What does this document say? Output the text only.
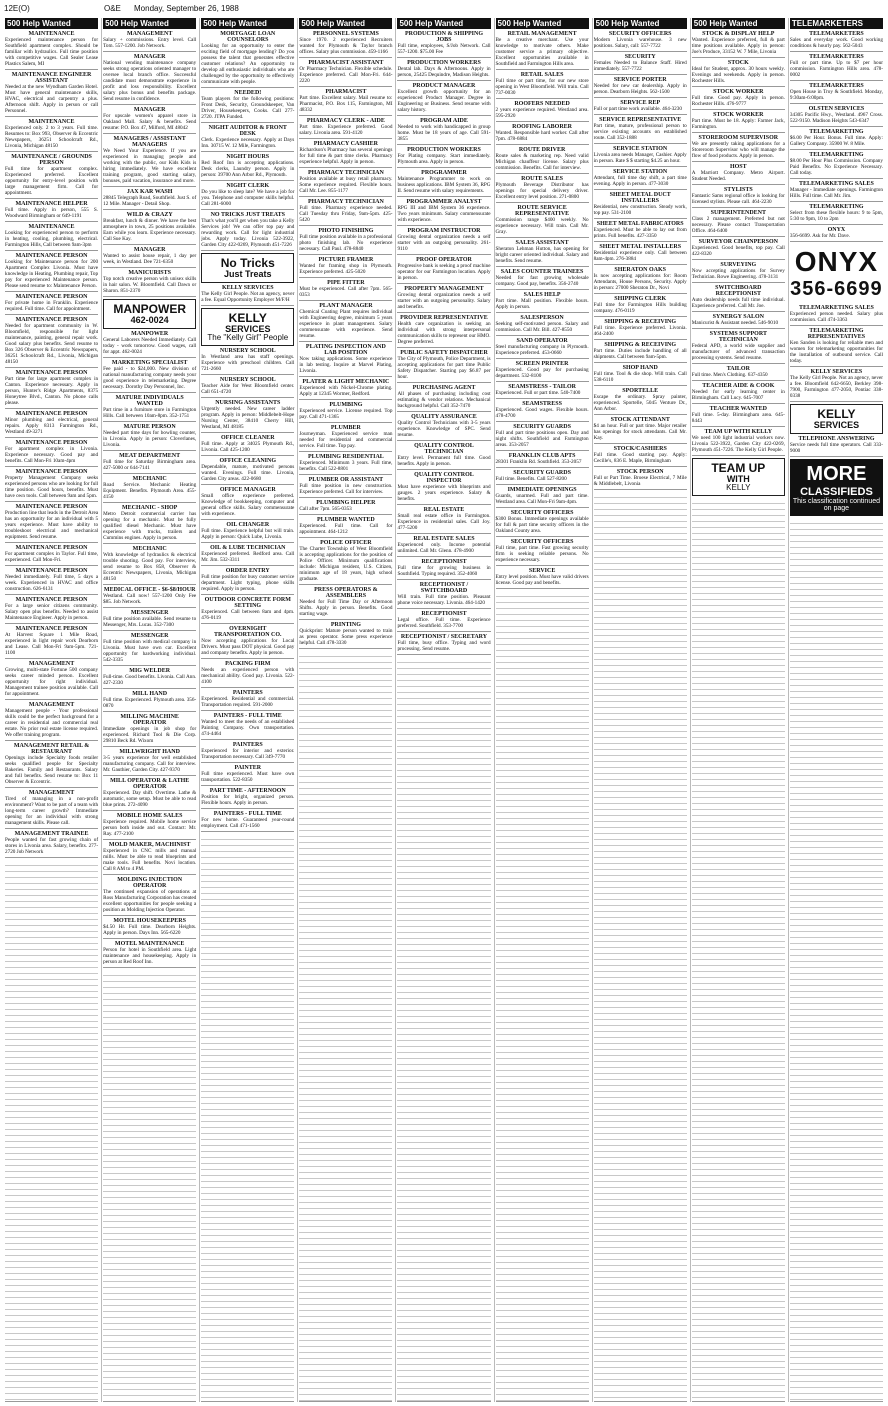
12E(O)	O&E Monday, September 26, 1988
500 Help Wanted
MAINTENANCE
Experienced maintenance person for Southfield apartment complex. Should be familiar with hydraulics. Full time position with competitive wages. Call Sealer Lease Plastics Salem, MI
MAINTENANCE ENGINEER ASSISTANT
Needed at the new Wyndham Garden Hotel. Must have general maintenance skills, HVAC, electrical and carpentry a plus. Afternoon shift. Apply in person or call Personnel.
MAINTENANCE
Experienced only. 2 to 3 years. Full time. Resumes to: Box 993, Observer & Eccentric Newspapers, 36251 Schoolcraft Rd., Livonia, Michigan 48150
MAINTENANCE / GROUNDS PERSON
Full time for apartment complex. Experienced preferred. Excellent opportunity for entry-level position with large management firm. Call for appointment.
MAINTENANCE HELPER
Full time. Apply in person, 555 S. Woodward Birmingham or 649-1191
MAINTENANCE
Looking for experienced person to perform in heating, cooling, plumbing, electrical. Farmington Hills, Call between 9am-3pm
MAINTENANCE PERSON
Looking for Maintenance person for 200 Apartment Complex Livonia. Must have knowledge in Heating, Plumbing repair, Top pay for experienced Maintenance person. Please send resume to: Maintenance Person.
MAINTENANCE PERSON
For private home in Franklin. Experience required. Full time. Call for appointment.
MAINTENANCE PERSON
Needed for apartment community in W. Bloomfield, responsible for light maintenance, painting, general repair work. Good salary plus benefits. Send resume to Box 326 Observer & Eccentric Newspapers, 36251 Schoolcraft Rd., Livonia, Michigan 48150
MAINTENANCE PERSON
Part time for large apartment complex in Canton. Experience necessary. Apply in person, Hunter's Ridge Apartments, 8375 Honeytree Blvd., Canton. No phone calls please.
MAINTENANCE PERSON
Minor plumbing and electrical, general repairs. Apply 8313 Farmington Rd., Westland 49-3271
MAINTENANCE PERSON
For apartment complex in Livonia. Experience necessary. Good pay and benefits. Call Mon-Fri 10am-4pm
MAINTENANCE PERSON
Property Management Company seeks experienced persons who are looking for full time position. Good hours, benefits. Must have own tools. Call between 9am and 5pm.
MAINTENANCE PERSON
Production line that leads in the Detroit Area has an opportunity for an individual with 5 years experience. Must have ability to troubleshoot electrical and mechanical equipment. Send resume.
MAINTENANCE PERSON
For apartment complex in Taylor. Full time, experienced. Call Mon-Fri.
MAINTENANCE PERSON
Needed immediately. Full time, 5 days a week. Experienced in HVAC and office construction. 626-6131
MAINTENANCE PERSON
For a large senior citizens community. Salary open plus benefits. Needed to assist Maintenance Engineer. Apply in person.
MAINTENANCE PERSON
At Harvest Square 1 Mile Road, experienced in light repair work Dearborn and Lease. Call Mon-Fri 9am-5pm. 721-1100
MANAGEMENT
Growing, multi-state Fortune 500 company seeks career minded person. Excellent opportunity for right individual. Management trainee position available. Call for appointment.
MANAGEMENT
Management people - Your professional skills could be the perfect background for a career in residential and commercial real estate. No prior real estate license required. We offer training program.
MANAGEMENT RETAIL & RESTAURANT
Openings include Specialty foods retailer seeks qualified people for Specialty Bakeries. Family and Restaurants. Salary and full benefits. Send resume to: Box 11 Observer & Eccentric.
MANAGEMENT
Tired of managing in a non-profit environment? Want to be part of a team with long-term career growth? Immediate opening for an individual with strong management skills. Please call.
MANAGEMENT TRAINEE
People wanted for fast growing chain of stores in Livonia area. Salary, benefits. 277-2720 Job Network
500 Help Wanted
MANAGEMENT
Salary + commissions. Entry level. Call Tom. 557-1200. Job Network.
MANAGER
National vending maintenance company seeks strong operations oriented manager to oversee local branch office. Successful candidate must demonstrate experience in profit and loss responsibility. Excellent salary plus bonus and benefits package. Send resume in confidence.
MANAGER
For upscale women's apparel store in Oakland Mall. Salary & benefits. Send resume: P.O. Box 47, Milford, MI 48042
MANAGERS / ASSISTANT MANAGERS
We Need Your Experience. If you are experienced in managing people and working with the public, our Kids Kids is hiring immediately. We have excellent training program, good starting salary, bonuses, paid vacation, insurance and more.
JAX KAR WASH
28845 Telegraph Road, Southfield. Just S. of 12 Mile. Manager - Detail Shop.
WILD & CRAZY
Breakfast, lunch & dinner. We have the best atmosphere in town, 25 positions available. Earn while you learn. Experience necessary. Call Sue Kay.
MANAGER
Wanted to assist house repair, 1 day per week, in Westland. Dee 721-6350
MANICURISTS
Top notch creative person with unisex skills in hair salon. W. Bloomfield. Call Dawn or Sharon. 851-2370
MANPOWER
462-0024
MANPOWER
General Laborers Needed Immediately. Call today - work tomorrow. Good wages, call for appt. 462-0024
MARKETING SPECIALIST
Fee paid - to $24,000. New division of national manufacturing company needs your good experience in telemarketing. Degree necessary. Dorothy Day Personnel, Inc.
MATURE INDIVIDUALS WANTED
Part time in a furniture store in Farmington Hills. Call between 10am-8pm. 352-1751
MATURE PERSON
Needed part time days for bowling counter, in Livonia. Apply in person: Cloverlanes, Livonia.
MEAT DEPARTMENT
Full time for Saturday Birmingham area. 427-5000 or 644-7141
MECHANIC
Road Service. Mechanic Heating Equipment. Benefits. Plymouth Area. 455-4150
MECHANIC - SHOP
Metro Detroit commercial carrier has opening for a mechanic. Must be fully qualified diesel Mechanic. Must have experience with trucks, trailers and Cummins engines. Apply in person.
MECHANIC
With knowledge of hydraulics & electrical trouble shooting. Good pay. For interview, send resume to Box 858, Observer & Eccentric Newspapers, Livonia, Michigan 48150
MEDICAL OFFICE - $6-$8/HOUR
Westland. Call now! 557-1200 Only Fee $85. Job Network.
MESSENGER
Full time position available. Send resume to Messenger, Mrs. Lucas. 352-7300
MESSENGER
Full time position with medical company in Livonia. Must have own car. Excellent opportunity for hardworking individual. 542-3335
MIG WELDER
Full-time. Good benefits. Livonia. Call Ann. 427-2330
MILL HAND
Full time. Experienced. Plymouth area. 356-0870
MILLING MACHINE OPERATOR
Immediate openings in job shop for experienced. Richard Tool & Die Corp. 29810 Beck Rd. Wixom
MILLWRIGHT HAND
3-5 years experience for well established manufacturing company. Call for interview. Mr. Gauthier, Garden City. 427-9370
MILL OPERATOR & LATHE OPERATOR
Experienced. Day shift. Overtime. Lathe & automatic, some setup. Must be able to read blue prints. 272-4090
MOBILE HOME SALES
Experience required. Mobile home service person both inside and out. Contact: Mr. Ray. 477-2100
MOLD MAKER, MACHINIST
Experienced in CNC mills and manual mills. Must be able to read blueprints and make tools. Full benefits. Novi location. Call 8 AM to 4 PM.
MOLDING INJECTION OPERATOR
The continued expansion of operations at Ross Manufacturing Corporation has created excellent opportunities for people seeking a position as Molding Injection Operator.
MOTEL HOUSEKEEPERS
$4.50 Hr. Full time. Dearborn Heights. Apply in person. Days Inn. 565-6220
MOTEL MAINTENANCE
Person for hotel in Southfield area. Light maintenance and housekeeping. Apply in person at Red Roof Inn.
500 Help Wanted
MORTGAGE LOAN COUNSELORS
Looking for an opportunity to enter the exciting field of mortgage lending? Do you possess the talent that generates effective customer relations? An opportunity to develop all enthusiastic individuals who are challenged by the opportunity to effectively communicate with people.
NEEDED!
Team players for the following positions: Front Desk, Security, Groundskeeper, Van Driver, Housekeepers, Cooks. Call 277-2720. JTPA Funded.
NIGHT AUDITOR & FRONT DESK
Clerk. Experience necessary. Apply at Days Inn. 30715 W. 12 Mile, Farmington.
NIGHT HOURS
Red Roof Inn is accepting applications. Desk clerks, Laundry person. Apply in person: 39700 Ann Arbor Rd., Plymouth.
NIGHT CLERK
Do you like to sleep late? We have a job for you. Telephone and computer skills helpful. Call 281-6000
NO TRICKS JUST TREATS
That's what you'll get when you take a Kelly Services job! We can offer top pay and rewarding work. Call for light industrial jobs. Apply today. Livonia 522-3922, Garden City 422-0269, Plymouth 451-7226
No Tricks
Just Treats
KELLY SERVICES
The Kelly Girl People. Not an agency, never a fee. Equal Opportunity Employer M/F/H
KELLY
SERVICES
The "Kelly Girl" People
NURSERY SCHOOL
In Westland area has staff openings. Experience with preschool children. Call 721-2660
NURSERY SCHOOL
Teacher Aide for West Bloomfield center. Call 651-4720
NURSING ASSISTANTS
Urgently needed. New career ladder program. Apply in person: Middlebelt-Hope Nursing Center, 38410 Cherry Hill, Westland, MI 48185
OFFICE CLEANER
Full time. Apply at 34025 Plymouth Rd., Livonia. Call 425-1200
OFFICE CLEANING
Dependable, mature, motivated persons wanted. Evenings. Full time. Livonia, Garden City areas. 422-0680
OFFICE MANAGER
Small office experience preferred. Knowledge of bookkeeping, computer and general office skills. Salary commensurate with experience.
OIL CHANGER
Full time. Experience helpful but will train. Apply in person: Quick Lube, Livonia.
OIL & LUBE TECHNICIAN
Experienced preferred. Redford area. Call Mr. Jim. 532-3311
ORDER ENTRY
Full time position for busy customer service department. Light typing, phone skills required. Apply in person.
OUTDOOR CONCRETE FORM SETTING
Experienced. Call between 8am and 4pm. 476-0119
OVERNIGHT TRANSPORTATION CO.
Now accepting applications for Local Drivers. Must pass DOT physical. Good pay and company benefits. Apply in person.
PACKING FIRM
Needs an experienced person with mechanical ability. Good pay. Livonia. 522-4100
PAINTERS
Experienced. Residential and commercial. Transportation required. 591-2000
PAINTERS - FULL TIME
Wanted to meet the needs of an established Painting Company. Own transportation. 474-4464
PAINTERS
Experienced for interior and exterior. Transportation necessary. Call 349-7770
PAINTER
Full time experienced. Must have own transportation. 522-8350
PART TIME - AFTERNOON
Position for bright, organized person. Flexible hours. Apply in person.
PAINTERS - FULL TIME
For new home. Guaranteed year-round employment. Call 471-1560
500 Help Wanted
PERSONNEL SYSTEMS
Since 1970. 2 experienced Recruiters wanted for Plymouth & Taylor branch offices. Salary plus commission. 459-1166
PHARMACIST ASSISTANT
Or Pharmacy Technician. Flexible schedule. Experience preferred. Call Mon-Fri. 644-2220
PHARMACIST
Part time. Excellent salary. Mail resume to: Pharmacist, P.O. Box 115, Farmington, MI 48332
PHARMACY CLERK - AIDE
Part time. Experience preferred. Good salary. Livonia area. 591-4120
PHARMACY CASHIER
Richardson's Pharmacy has several openings for full time & part time clerks. Pharmacy experience helpful. Apply in person.
PHARMACY TECHNICIAN
Position available at busy retail pharmacy. Some experience required. Flexible hours. Call Mr. Lee. 855-1177
PHARMACY TECHNICIAN
Full time. Pharmacy experience needed. Call Tuesday thru Friday, 9am-5pm. 425-5420
PHOTO FINISHING
Full time position available in a professional photo finishing lab. No experience necessary. Call Paul. 478-8840
PICTURE FRAMER
Wanted for framing shop in Plymouth. Experience preferred. 425-5020
PIPE FITTER
Must be experienced. Call after 7pm. 565-0353
PLANT MANAGER
Chemical Coating Plant requires individual with Engineering degree, minimum 5 years experience in plant management. Salary commensurate with experience. Send resume.
PLATING INSPECTION AND LAB POSITION
Now taking applications. Some experience in lab testing. Inquire at Marvel Plating, Livonia.
PLATER & LIGHT MECHANIC
Experienced with Nickel-Chrome plating. Apply at 12345 Wormer, Redford.
PLUMBING
Experienced service. License required. Top pay. Call 471-1365
PLUMBER
Journeyman. Experienced service man needed for residential and commercial service. Full time. Top pay.
PLUMBING RESIDENTIAL
Experienced. Minimum 3 years. Full time, benefits. Call 522-8801
PLUMBER OR ASSISTANT
Full time position in new construction. Experience preferred. Call for interview.
PLUMBING HELPER
Call after 7pm. 565-0353
PLUMBER WANTED
Experienced. Full time. Call for appointment. 464-1212
POLICE OFFICER
The Charter Township of West Bloomfield is accepting applications for the position of Police Officer. Minimum qualifications include: Michigan resident, U.S. Citizen, minimum age of 18 years, high school graduate.
PRESS OPERATORS & ASSEMBLERS
Needed for Full Time Day or Afternoon Shifts. Apply in person. Benefits. Good starting wage.
PRINTING
Quickprint: Mature person wanted to train as press operator. Some press experience helpful. Call 478-3330
500 Help Wanted
PRODUCTION & SHIPPING JOBS
Full time, employees, S/Job Network. Call 557-1200. $75.00 Fee
PRODUCTION WORKERS
Dental lab. Days & Afternoons. Apply in person, 25425 Dequindre, Madison Heights.
PRODUCT MANAGER
Excellent growth opportunity for an experienced Product Manager. Degree in Engineering or Business. Send resume with salary history.
PROGRAM AIDE
Needed to work with handicapped in group home. Must be 18 years of age. Call 591-3855
PRODUCTION WORKERS
For Plating company. Start immediately. Plymouth area. Apply in person.
PROGRAMMER
Maintenance Programmer to work on business applications. IBM System 36, RPG II. Send resume with salary requirements.
PROGRAMMER ANALYST
RPG III and IBM System 36 experience. Two years minimum. Salary commensurate with experience.
PROGRAM INSTRUCTOR
Growing dental organization needs a self starter with an outgoing personality. 261-9110
PROOF OPERATOR
Progressive bank is seeking a proof machine operator for our Farmington location. Apply in person.
PROPERTY MANAGEMENT
Growing dental organization needs a self starter with an outgoing personality. Salary and benefits.
PROVIDER REPRESENTATIVE
Health care organization is seeking an individual with strong interpersonal communication skills to represent our HMO. Degree preferred.
PUBLIC SAFETY DISPATCHER
The City of Plymouth, Police Department, is accepting applications for part time Public Safety Dispatcher. Starting pay $6.87 per hour.
PURCHASING AGENT
All phases of purchasing including cost estimating & vendor relations. Mechanical background helpful. Call 352-7470
QUALITY ASSURANCE
Quality Control Technicians with 3-5 years experience. Knowledge of SPC. Send resume.
QUALITY CONTROL TECHNICIAN
Entry level. Permanent full time. Good benefits. Apply in person.
QUALITY CONTROL INSPECTOR
Must have experience with blueprints and gauges. 2 years experience. Salary & benefits.
REAL ESTATE
Small real estate office in Farmington. Experience in residential sales. Call Joy. 477-5200
REAL ESTATE SALES
Experienced only. Income potential unlimited. Call Mr. Glenn. 478-4900
RECEPTIONIST
Full time for growing business in Southfield. Typing required. 352-4060
RECEPTIONIST / SWITCHBOARD
Will train. Full time position. Pleasant phone voice necessary. Livonia. 464-1420
RECEPTIONIST
Legal office. Full time. Experience preferred. Southfield. 353-7700
RECEPTIONIST / SECRETARY
Full time, busy office. Typing and word processing. Send resume.
500 Help Wanted
RETAIL MANAGEMENT
Be a creative merchant. Use your knowledge to motivate others. Make customer service a primary objective. Excellent opportunities available in Southfield and Farmington Hills area.
RETAIL SALES
Full time or part time, for our new store opening in West Bloomfield. Will train. Call 737-0030
ROOFERS NEEDED
2 years experience required. Westland area. 595-2920
ROOFING LABORER
Wanted. Responsible hard worker. Call after 7pm. 478-6884
ROUTE DRIVER
Route sales & marketing rep. Need valid Michigan chauffeur license. Salary plus commission. Benefits. Call for interview.
ROUTE SALES
Plymouth Beverage Distributor has openings for special delivery driver. Excellent entry level position. 271-0800
ROUTE SERVICE REPRESENTATIVE
Commission range $400 weekly. No experience necessary. Will train. Call Mr. Gray.
SALES ASSISTANT
Sheraton Lehman Hutton, has opening for bright career oriented individual. Salary and benefits. Send resume.
SALES COUNTER TRAINEES
Needed for fast growing wholesale company. Good pay, benefits. 356-2740
SALES HELP
Part time. Mall position. Flexible hours. Apply in person.
SALESPERSON
Seeking self-motivated person. Salary and commission. Call Mr. Bill. 427-8550
SAND OPERATOR
Steel manufacturing company in Plymouth. Experience preferred. 453-0660
SCREEN PRINTER
Experienced. Good pay for purchasing department. 532-8100
SEAMSTRESS - TAILOR
Experienced. Full or part time. 540-7400
SEAMSTRESS
Experienced. Good wages. Flexible hours. 478-4700
SECURITY GUARDS
Full and part time positions open. Day and night shifts. Southfield and Farmington areas. 353-2057
FRANKLIN CLUB APTS
28301 Franklin Rd. Southfield. 353-2057
SECURITY GUARDS
Full time. Benefits. Call 527-8200
IMMEDIATE OPENINGS
Guards, unarmed. Full and part time. Westland area. Call Mon-Fri 9am-4pm.
SECURITY OFFICERS
$300 Bonus. Immediate openings available for full & part time security officers in the Oakland County area.
SECURITY OFFICERS
Full time, part time. Fast growing security firm is seeking reliable persons. No experience necessary.
SERVICE
Entry level position. Must have valid drivers license. Good pay and benefits.
500 Help Wanted
SECURITY OFFICERS
Modern Livonia warehouse. 3 new positions. Salary, call: 557-7722
SECURITY
Females Needed to Balance Staff. Hired immediately. 557-7722
SERVICE PORTER
Needed for new car dealership. Apply in person. Dearborn Heights. 562-1500
SERVICE REP
Full or part time work available. 464-3230
SERVICE REPRESENTATIVE
Part time, mature, professional person to service existing accounts on established route. Call 352-1888
SERVICE STATION
Livonia area needs Manager, Cashier. Apply in person. Rate $ $ starting $4.25 an hour.
SERVICE STATION
Attendant, full time day shift, a part time evening. Apply in person. 477-3030
SHEET METAL DUCT INSTALLERS
Residential, new construction. Steady work, top pay. 531-2100
SHEET METAL FABRICATORS
Experienced. Must be able to lay out from prints. Full benefits. 427-3350
SHEET METAL INSTALLERS
Residential experience only. Call between 8am-4pm. 276-3884
SHERATON OAKS
Is now accepting applications for: Room Attendants, House Persons, Security. Apply in person: 27000 Sheraton Dr., Novi
SHIPPING CLERK
Full time for Farmington Hills building company. 476-0119
SHIPPING & RECEIVING
Full time. Experience preferred. Livonia. 464-2400
SHIPPING & RECEIVING
Part time. Duties include handling of all shipments. Call between 9am-5pm.
SHOP HAND
Full time. Tool & die shop. Will train. Call 538-6110
SPORTELLE
Escape the ordinary. Spray painter, experienced. Sportelle, 5045 Venture Dr., Ann Arbor.
STOCK ATTENDANT
$4 an hour. Full or part time. Major retailer has openings for stock attendants. Call Mr. Kay.
STOCK/CASHIERS
Full time. Good starting pay. Apply: Cecille's, 836 E. Maple, Birmingham
STOCK PERSON
Full or Part Time. Broese Electrical, 7 Mile & Middlebelt, Livonia
500 Help Wanted
STOCK & DISPLAY HELP
Wanted. Experience preferred, full & part time positions available. Apply in person: Joe's Produce, 33152 W. 7 Mile, Livonia
STOCK
Ideal for Student, approx. 30 hours weekly. Evenings and weekends. Apply in person. Rochester Hills.
STOCK WORKER
Full time. Good pay. Apply in person. Rochester Hills. 476-9777
STOCK WORKER
Part time. Must be 18. Apply: Farmer Jack, Farmington.
STOREROOM SUPERVISOR
We are presently taking applications for a Storeroom Supervisor who will manage the flow of food products. Apply in person.
HOST
A Marriott Company. Metro Airport. Student Needed.
STYLISTS
Fantastic Sams regional office is looking for licensed stylists. Please call. 464-2230
SUPERINTENDENT
Class 2 management. Preferred but not necessary. Please contact Transportation Office. 464-6400
SURVEYOR CHAINPERSON
Experienced. Good benefits, top pay. Call 422-8320
SURVEYING
Now accepting applications for Survey Technician. Rowe Engineering. 478-3131
SWITCHBOARD RECEPTIONIST
Auto dealership needs full time individual. Experience preferred. Call Mr. Joe.
SYNERGY SALON
Manicurist & Assistant needed. 546-9010
SYSTEMS SUPPORT TECHNICIAN
Federal APD, a world wide supplier and manufacturer of advanced transaction processing systems. Send resume.
TAILOR
Full time. Men's Clothing. 637-4350
TEACHER AIDE & COOK
Needed for early learning center in Birmingham. Call Lucy. 645-7007
TEACHER WANTED
Full time. 5-day. Birmingham area. 645-8443
TEAM UP WITH KELLY
We need 100 light industrial workers now. Livonia 522-3922, Garden City 422-0269, Plymouth 451-7226. The Kelly Girl People.
TEAM UP
WITH
KELLY
TELEMARKETERS
TELEMARKETERS
Sales and everyday work. Good working conditions & hourly pay. 562-5043
TELEMARKETERS
Full or part time. Up to $7 per hour commission. Farmington Hills area. 478-0002
TELEMARKETERS
Open House in Troy & Southfield. Monday, 9:30am-6:00pm.
OLSTEN SERVICES
34305 Pacific Hwy., Westland. 4967 Cross. 522-9150. Madison Heights 543-6347
TELEMARKETING
$6.00 Per Hour. Bonus. Full time. Apply: Gallery Company. 35900 W. 8 Mile.
TELEMARKETING
$8.00 Per Hour Plus Commission. Company Paid Benefits. No Experience Necessary. Call today.
TELEMARKETING SALES
Manager - Immediate openings. Farmington Hills. Full time. Call Mr. Jim.
TELEMARKETING
Select from these flexible hours: 9 to 5pm, 5:30 to 9pm, 10 to 2pm
ONYX
356-6699. Ask for Mr. Dave.
ONYX
356-6699
TELEMARKETING SALES
Experienced person needed. Salary plus commission. Call 474-3363
TELEMARKETING REPRESENTATIVES
Ken Sanden is looking for reliable men and women for telemarketing opportunities for the installation of outbound service. Call today.
KELLY SERVICES
The Kelly Girl People. Not an agency, never a fee. Bloomfield 642-6650, Berkley 398-7900, Farmington 477-2050, Pontiac 338-0338
KELLY
SERVICES
TELEPHONE ANSWERING
Service needs full time operators. Call 333-9000
MORE
CLASSIFIEDS
This classification continued on page
